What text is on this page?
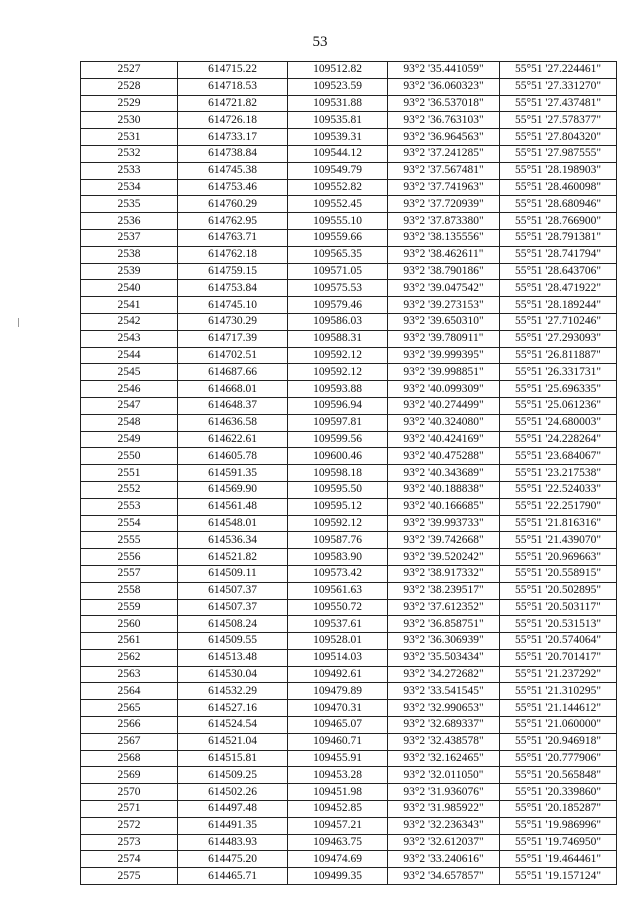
53
2527	614715.22	109512.82	93°2 '35.441059"	55°51 '27.224461"
2528	614718.53	109523.59	93°2 '36.060323"	55°51 '27.331270"
2529	614721.82	109531.88	93°2 '36.537018"	55°51 '27.437481"
2530	614726.18	109535.81	93°2 '36.763103"	55°51 '27.578377"
2531	614733.17	109539.31	93°2 '36.964563"	55°51 '27.804320"
2532	614738.84	109544.12	93°2 '37.241285"	55°51 '27.987555"
2533	614745.38	109549.79	93°2 '37.567481"	55°51 '28.198903"
2534	614753.46	109552.82	93°2 '37.741963"	55°51 '28.460098"
2535	614760.29	109552.45	93°2 '37.720939"	55°51 '28.680946"
2536	614762.95	109555.10	93°2 '37.873380"	55°51 '28.766900"
2537	614763.71	109559.66	93°2 '38.135556"	55°51 '28.791381"
2538	614762.18	109565.35	93°2 '38.462611"	55°51 '28.741794"
2539	614759.15	109571.05	93°2 '38.790186"	55°51 '28.643706"
2540	614753.84	109575.53	93°2 '39.047542"	55°51 '28.471922"
2541	614745.10	109579.46	93°2 '39.273153"	55°51 '28.189244"
2542	614730.29	109586.03	93°2 '39.650310"	55°51 '27.710246"
2543	614717.39	109588.31	93°2 '39.780911"	55°51 '27.293093"
2544	614702.51	109592.12	93°2 '39.999395"	55°51 '26.811887"
2545	614687.66	109592.12	93°2 '39.998851"	55°51 '26.331731"
2546	614668.01	109593.88	93°2 '40.099309"	55°51 '25.696335"
2547	614648.37	109596.94	93°2 '40.274499"	55°51 '25.061236"
2548	614636.58	109597.81	93°2 '40.324080"	55°51 '24.680003"
2549	614622.61	109599.56	93°2 '40.424169"	55°51 '24.228264"
2550	614605.78	109600.46	93°2 '40.475288"	55°51 '23.684067"
2551	614591.35	109598.18	93°2 '40.343689"	55°51 '23.217538"
2552	614569.90	109595.50	93°2 '40.188838"	55°51 '22.524033"
2553	614561.48	109595.12	93°2 '40.166685"	55°51 '22.251790"
2554	614548.01	109592.12	93°2 '39.993733"	55°51 '21.816316"
2555	614536.34	109587.76	93°2 '39.742668"	55°51 '21.439070"
2556	614521.82	109583.90	93°2 '39.520242"	55°51 '20.969663"
2557	614509.11	109573.42	93°2 '38.917332"	55°51 '20.558915"
2558	614507.37	109561.63	93°2 '38.239517"	55°51 '20.502895"
2559	614507.37	109550.72	93°2 '37.612352"	55°51 '20.503117"
2560	614508.24	109537.61	93°2 '36.858751"	55°51 '20.531513"
2561	614509.55	109528.01	93°2 '36.306939"	55°51 '20.574064"
2562	614513.48	109514.03	93°2 '35.503434"	55°51 '20.701417"
2563	614530.04	109492.61	93°2 '34.272682"	55°51 '21.237292"
2564	614532.29	109479.89	93°2 '33.541545"	55°51 '21.310295"
2565	614527.16	109470.31	93°2 '32.990653"	55°51 '21.144612"
2566	614524.54	109465.07	93°2 '32.689337"	55°51 '21.060000"
2567	614521.04	109460.71	93°2 '32.438578"	55°51 '20.946918"
2568	614515.81	109455.91	93°2 '32.162465"	55°51 '20.777906"
2569	614509.25	109453.28	93°2 '32.011050"	55°51 '20.565848"
2570	614502.26	109451.98	93°2 '31.936076"	55°51 '20.339860"
2571	614497.48	109452.85	93°2 '31.985922"	55°51 '20.185287"
2572	614491.35	109457.21	93°2 '32.236343"	55°51 '19.986996"
2573	614483.93	109463.75	93°2 '32.612037"	55°51 '19.746950"
2574	614475.20	109474.69	93°2 '33.240616"	55°51 '19.464461"
2575	614465.71	109499.35	93°2 '34.657857"	55°51 '19.157124"
